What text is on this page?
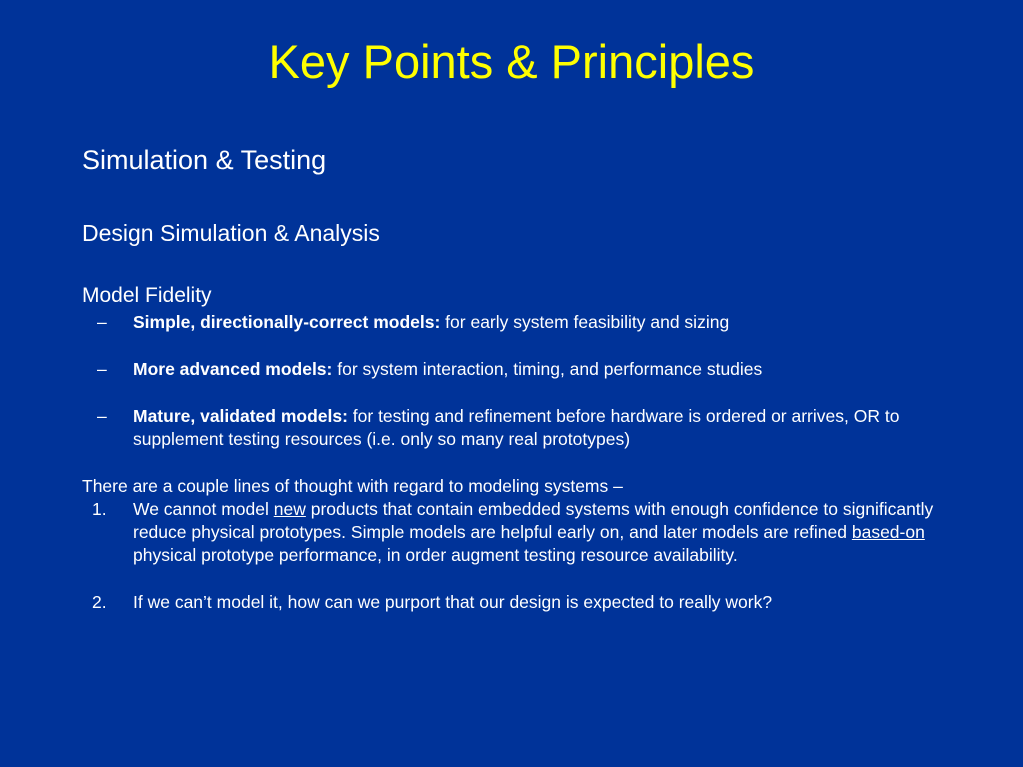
Key Points & Principles
Simulation & Testing
Design Simulation & Analysis
Model Fidelity
– Simple, directionally-correct models: for early system feasibility and sizing
– More advanced models: for system interaction, timing, and performance studies
– Mature, validated models: for testing and refinement before hardware is ordered or arrives, OR to supplement testing resources (i.e. only so many real prototypes)
There are a couple lines of thought with regard to modeling systems –
1. We cannot model new products that contain embedded systems with enough confidence to significantly reduce physical prototypes. Simple models are helpful early on, and later models are refined based-on physical prototype performance, in order augment testing resource availability.
2. If we can’t model it, how can we purport that our design is expected to really work?
